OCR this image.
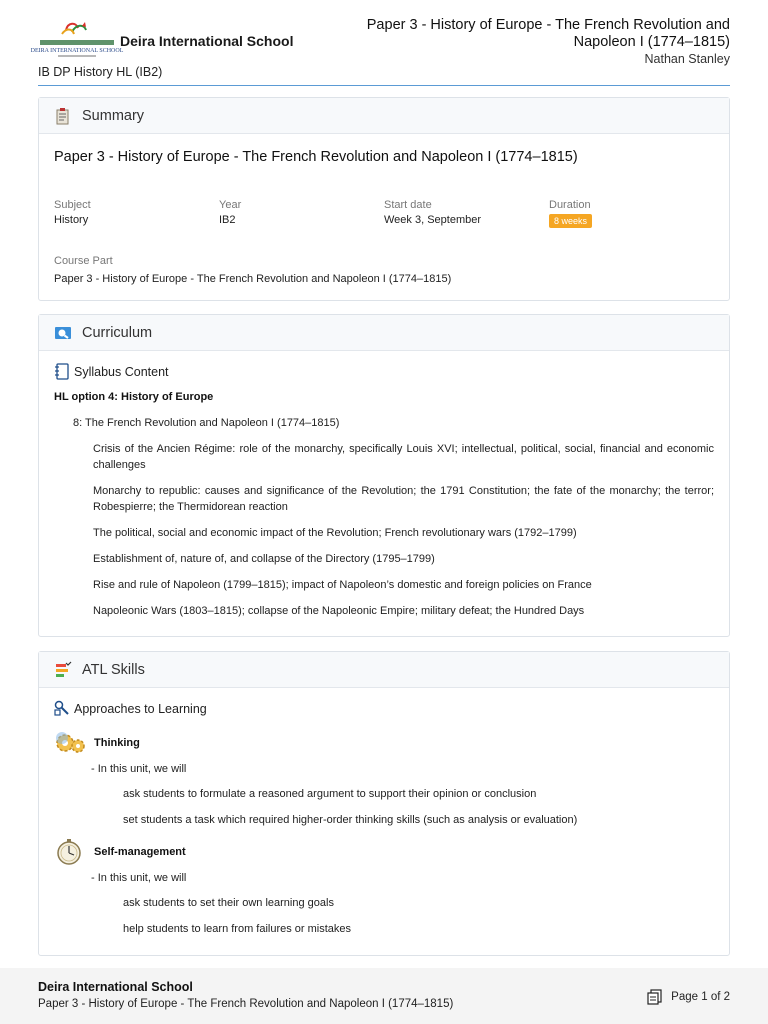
DEIRA INTERNATIONAL SCHOOL
Deira International School
IB DP History HL (IB2)
Paper 3 - History of Europe - The French Revolution and Napoleon I (1774–1815)
Nathan Stanley
Summary
Paper 3 - History of Europe - The French Revolution and Napoleon I (1774–1815)
Subject
History
Year
IB2
Start date
Week 3, September
Duration
8 weeks
Course Part
Paper 3 - History of Europe - The French Revolution and Napoleon I (1774–1815)
Curriculum
Syllabus Content
HL option 4: History of Europe
8: The French Revolution and Napoleon I (1774–1815)
Crisis of the Ancien Régime: role of the monarchy, specifically Louis XVI; intellectual, political, social, financial and economic challenges
Monarchy to republic: causes and significance of the Revolution; the 1791 Constitution; the fate of the monarchy; the terror; Robespierre; the Thermidorean reaction
The political, social and economic impact of the Revolution; French revolutionary wars (1792–1799)
Establishment of, nature of, and collapse of the Directory (1795–1799)
Rise and rule of Napoleon (1799–1815); impact of Napoleon’s domestic and foreign policies on France
Napoleonic Wars (1803–1815); collapse of the Napoleonic Empire; military defeat; the Hundred Days
ATL Skills
Approaches to Learning
Thinking
- In this unit, we will
ask students to formulate a reasoned argument to support their opinion or conclusion
set students a task which required higher-order thinking skills (such as analysis or evaluation)
Self-management
- In this unit, we will
ask students to set their own learning goals
help students to learn from failures or mistakes
Deira International School
Paper 3 - History of Europe - The French Revolution and Napoleon I (1774–1815)
Page 1 of 2
